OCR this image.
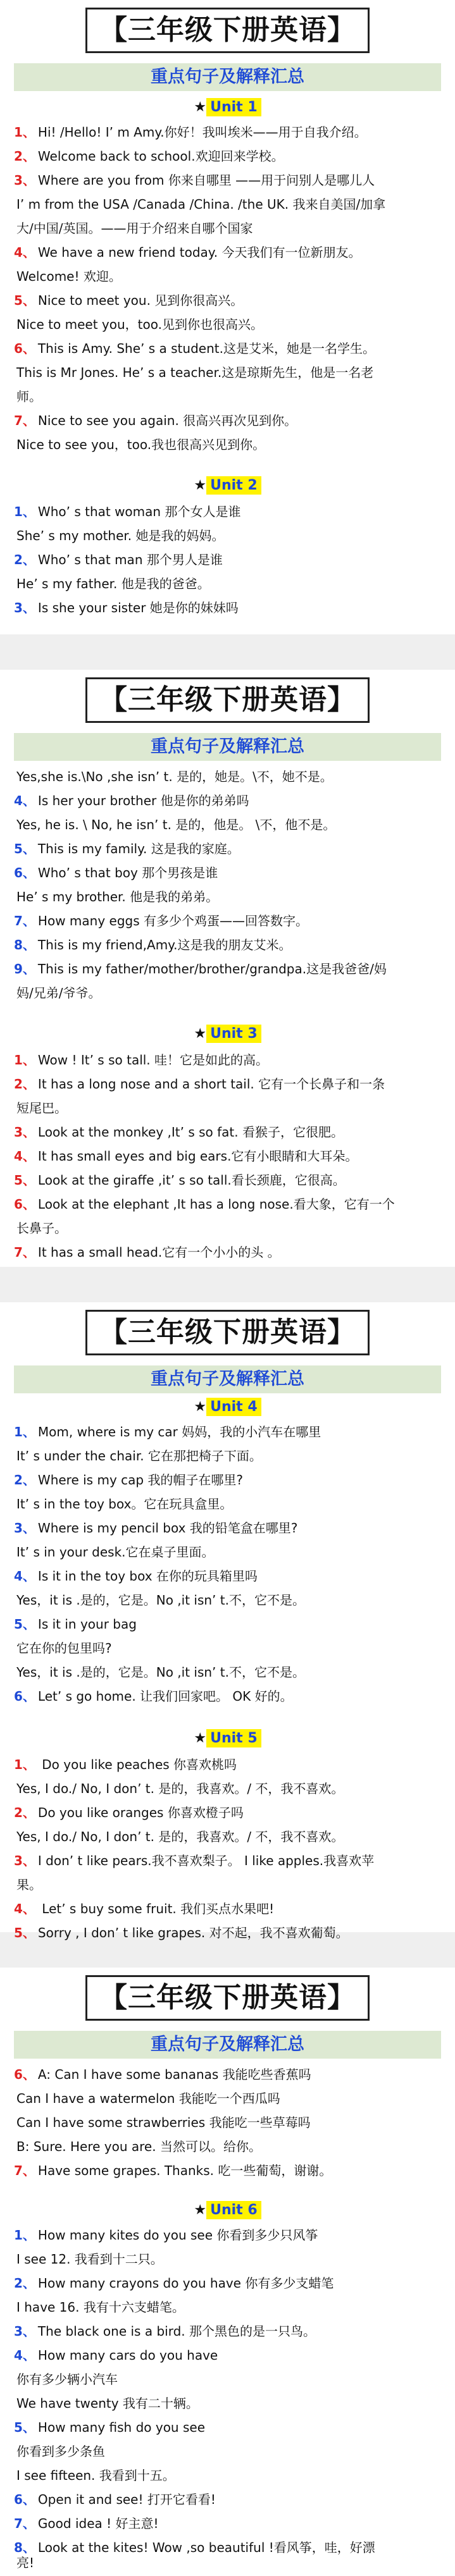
【三年级下册英语】
重点句子及解释汇总
★ Unit 1
1、 Hi! /Hello! I’ m Amy.你好！我叫埃米——用于自我介绍。
2、 Welcome back to school.欢迎回来学校。
3、 Where are you from 你来自哪里 ——用于问别人是哪儿人
I’ m from the USA /Canada /China. /the UK. 我来自美国/加拿
大/中国/英国。——用于介绍来自哪个国家
4、 We have a new friend today. 今天我们有一位新朋友。
Welcome! 欢迎。
5、 Nice to meet you. 见到你很高兴。
Nice to meet you，too.见到你也很高兴。
6、 This is Amy. She’ s a student.这是艾米，她是一名学生。
This is Mr Jones. He’ s a teacher.这是琼斯先生，他是一名老
师。
7、 Nice to see you again. 很高兴再次见到你。
Nice to see you，too.我也很高兴见到你。
★ Unit 2
1、 Who’ s that woman 那个女人是谁
She’ s my mother. 她是我的妈妈。
2、 Who’ s that man 那个男人是谁
He’ s my father. 他是我的爸爸。
3、 Is she your sister 她是你的妹妹吗
【三年级下册英语】
重点句子及解释汇总
Yes,she is.\No ,she isn’ t. 是的，她是。\不，她不是。
4、 Is her your brother 他是你的弟弟吗
Yes, he is. \ No, he isn’ t. 是的，他是。 \不，他不是。
5、 This is my family. 这是我的家庭。
6、 Who’ s that boy 那个男孩是谁
He’ s my brother. 他是我的弟弟。
7、 How many eggs 有多少个鸡蛋——回答数字。
8、 This is my friend,Amy.这是我的朋友艾米。
9、 This is my father/mother/brother/grandpa.这是我爸爸/妈
妈/兄弟/爷爷。
★ Unit 3
1、 Wow ! It’ s so tall. 哇！它是如此的高。
2、 It has a long nose and a short tail. 它有一个长鼻子和一条
短尾巴。
3、 Look at the monkey ,It’ s so fat. 看猴子，它很肥。
4、 It has small eyes and big ears.它有小眼睛和大耳朵。
5、 Look at the giraffe ,it’ s so tall.看长颈鹿，它很高。
6、 Look at the elephant ,It has a long nose.看大象，它有一个
长鼻子。
7、 It has a small head.它有一个小小的头 。
【三年级下册英语】
重点句子及解释汇总
★ Unit 4
1、 Mom, where is my car 妈妈，我的小汽车在哪里
It’ s under the chair. 它在那把椅子下面。
2、 Where is my cap 我的帽子在哪里?
It’ s in the toy box。它在玩具盒里。
3、 Where is my pencil box 我的铅笔盒在哪里?
It’ s in your desk.它在桌子里面。
4、 Is it in the toy box 在你的玩具箱里吗
Yes，it is .是的，它是。No ,it isn’ t.不，它不是。
5、 Is it in your bag
它在你的包里吗?
Yes，it is .是的，它是。No ,it isn’ t.不，它不是。
6、 Let’ s go home. 让我们回家吧。 OK 好的。
★ Unit 5
1、 Do you like peaches 你喜欢桃吗
Yes, I do./ No, I don’ t. 是的，我喜欢。/ 不，我不喜欢。
2、 Do you like oranges 你喜欢橙子吗
Yes, I do./ No, I don’ t. 是的，我喜欢。/ 不，我不喜欢。
3、 I don’ t like pears.我不喜欢梨子。 I like apples.我喜欢苹
果。
4、 Let’ s buy some fruit. 我们买点水果吧!
5、 Sorry , I don’ t like grapes. 对不起，我不喜欢葡萄。
【三年级下册英语】
重点句子及解释汇总
6、 A: Can I have some bananas 我能吃些香蕉吗
Can I have a watermelon 我能吃一个西瓜吗
Can I have some strawberries 我能吃一些草莓吗
B: Sure. Here you are. 当然可以。给你。
7、 Have some grapes. Thanks. 吃一些葡萄，谢谢。
★ Unit 6
1、 How many kites do you see 你看到多少只风筝
I see 12. 我看到十二只。
2、 How many crayons do you have 你有多少支蜡笔
I have 16. 我有十六支蜡笔。
3、 The black one is a bird. 那个黑色的是一只鸟。
4、 How many cars do you have
你有多少辆小汽车
We have twenty 我有二十辆。
5、 How many fish do you see
你看到多少条鱼
I see fifteen. 我看到十五。
6、 Open it and see! 打开它看看!
7、 Good idea ! 好主意!
8、 Look at the kites! Wow ,so beautiful !看风筝，哇，好漂
亮!
